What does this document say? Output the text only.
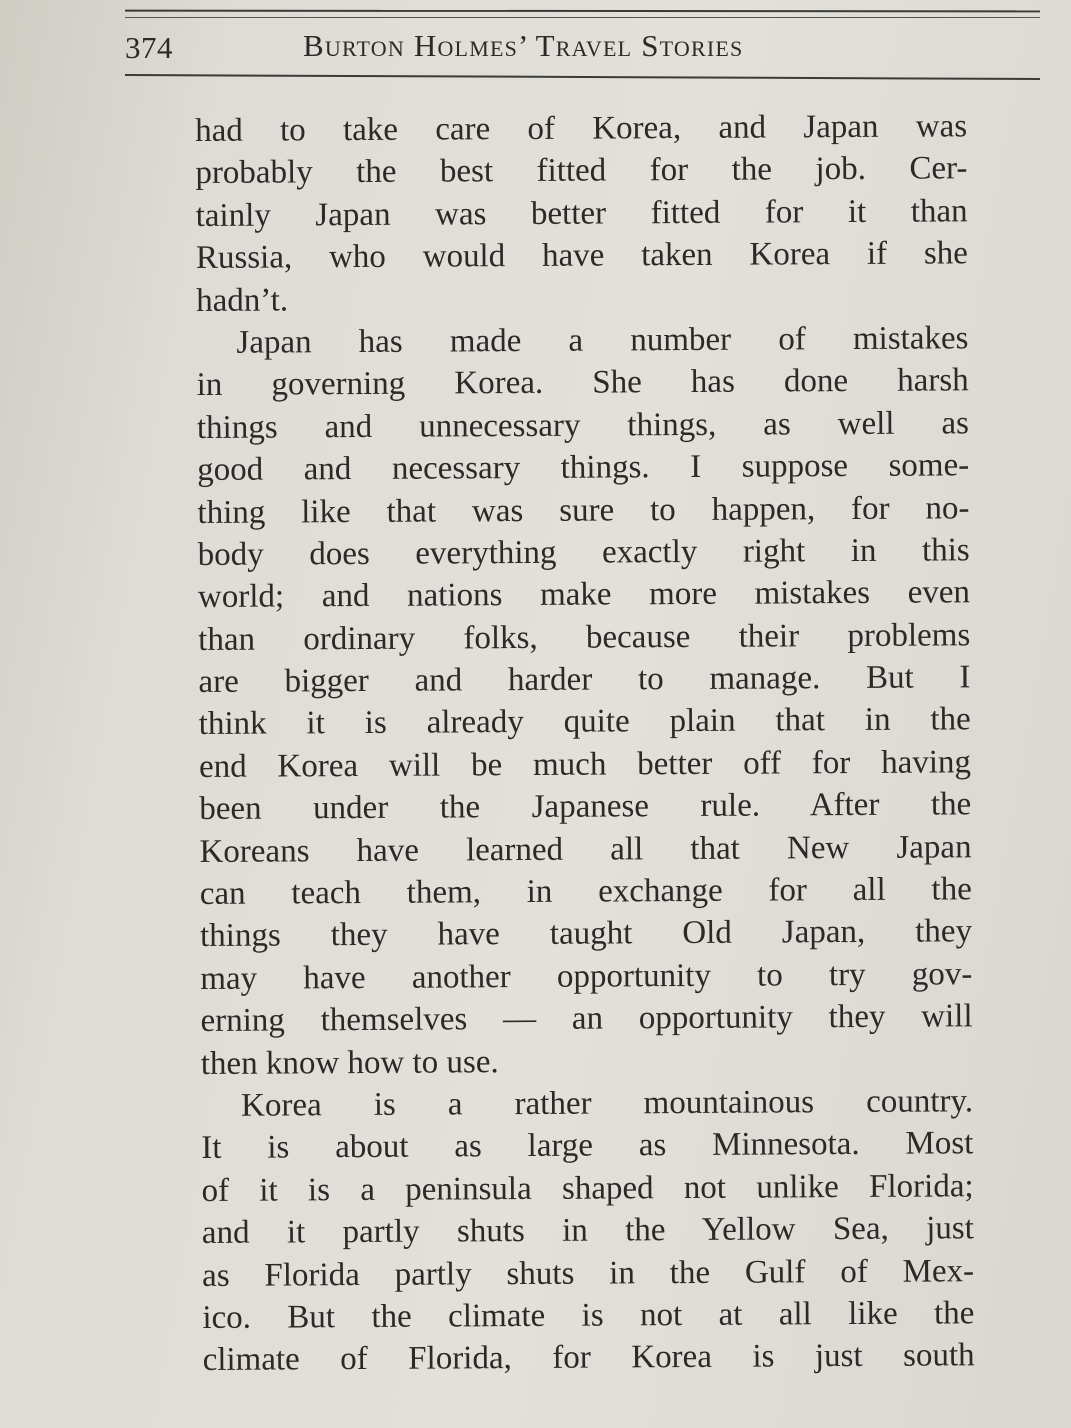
374	Burton Holmes’ Travel Stories
had to take care of Korea, and Japan was
probably the best fitted for the job. Cer-
tainly Japan was better fitted for it than
Russia, who would have taken Korea if she
hadn’t.
Japan has made a number of mistakes
in governing Korea. She has done harsh
things and unnecessary things, as well as
good and necessary things. I suppose some-
thing like that was sure to happen, for no-
body does everything exactly right in this
world; and nations make more mistakes even
than ordinary folks, because their problems
are bigger and harder to manage. But I
think it is already quite plain that in the
end Korea will be much better off for having
been under the Japanese rule. After the
Koreans have learned all that New Japan
can teach them, in exchange for all the
things they have taught Old Japan, they
may have another opportunity to try gov-
erning themselves — an opportunity they will
then know how to use.
Korea is a rather mountainous country.
It is about as large as Minnesota. Most
of it is a peninsula shaped not unlike Florida;
and it partly shuts in the Yellow Sea, just
as Florida partly shuts in the Gulf of Mex-
ico. But the climate is not at all like the
climate of Florida, for Korea is just south
